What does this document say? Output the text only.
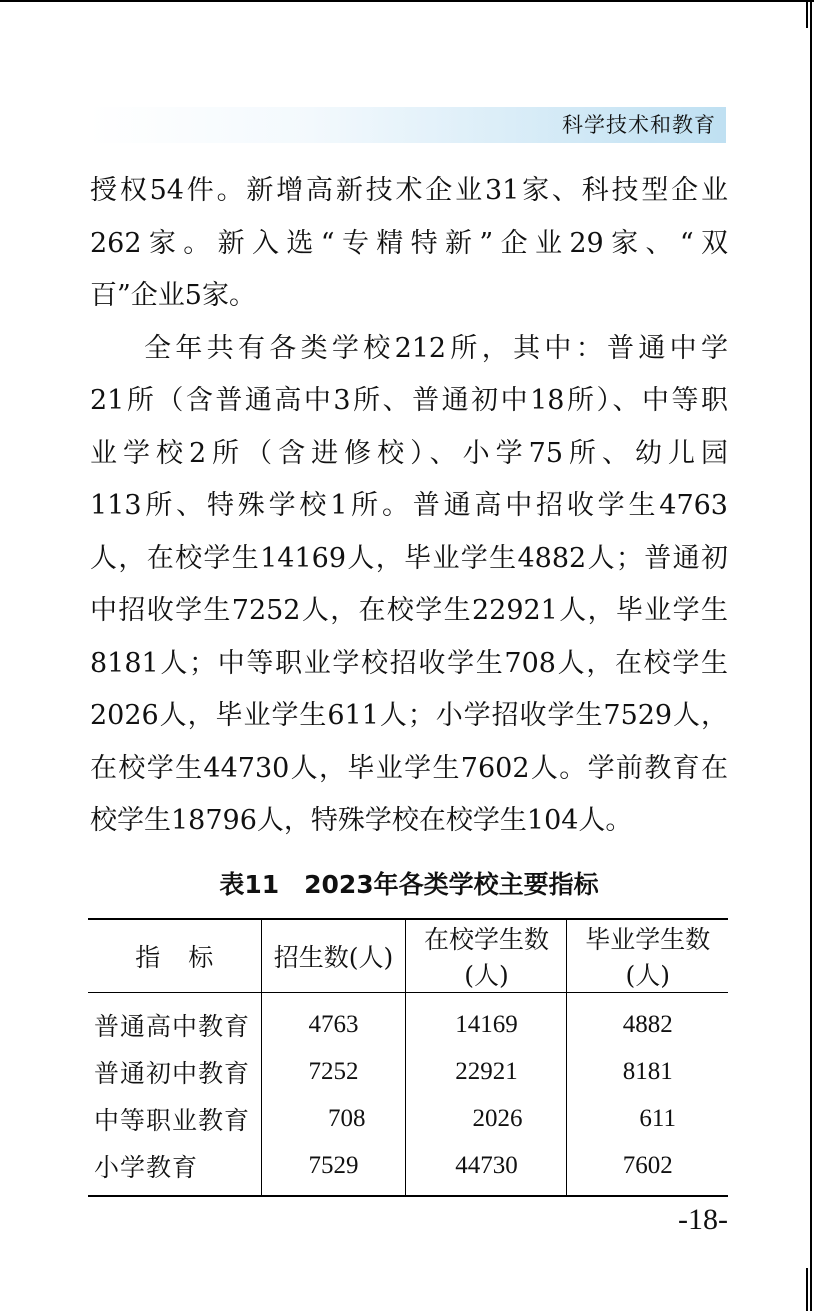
科学技术和教育
授权54件。新增高新技术企业31家、科技型企业
262家。新入选“专精特新”企业29家、“双
百”企业5家。
全年共有各类学校212所，其中：普通中学
21所（含普通高中3所、普通初中18所）、中等职
业学校2所（含进修校）、小学75所、幼儿园
113所、特殊学校1所。普通高中招收学生4763
人，在校学生14169人，毕业学生4882人；普通初
中招收学生7252人，在校学生22921人，毕业学生
8181人；中等职业学校招收学生708人，在校学生
2026人，毕业学生611人；小学招收学生7529人，
在校学生44730人，毕业学生7602人。学前教育在
校学生18796人，特殊学校在校学生104人。
表11　2023年各类学校主要指标
指标	招生数(人)	在校学生数(人)	毕业学生数(人)
普通高中教育	4763	14169	4882
普通初中教育	7252	22921	8181
中等职业教育	708	2026	611
小学教育	7529	44730	7602
-18-
